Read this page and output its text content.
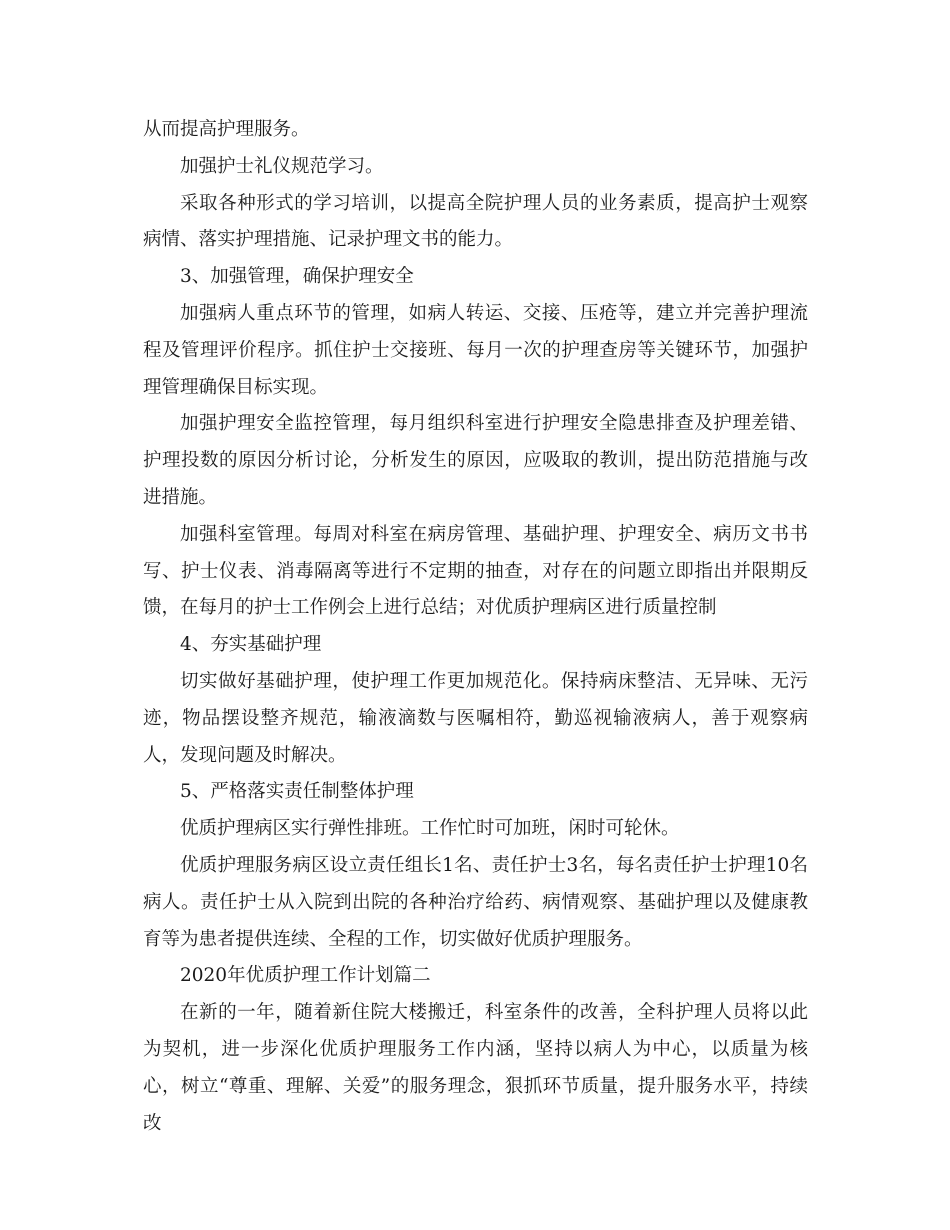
从而提高护理服务。

加强护士礼仪规范学习。

采取各种形式的学习培训，以提高全院护理人员的业务素质，提高护士观察病情、落实护理措施、记录护理文书的能力。

3、加强管理，确保护理安全

加强病人重点环节的管理，如病人转运、交接、压疮等，建立并完善护理流程及管理评价程序。抓住护士交接班、每月一次的护理查房等关键环节，加强护理管理确保目标实现。

加强护理安全监控管理，每月组织科室进行护理安全隐患排查及护理差错、护理投数的原因分析讨论，分析发生的原因，应吸取的教训，提出防范措施与改进措施。

加强科室管理。每周对科室在病房管理、基础护理、护理安全、病历文书书写、护士仪表、消毒隔离等进行不定期的抽查，对存在的问题立即指出并限期反馈，在每月的护士工作例会上进行总结；对优质护理病区进行质量控制

4、夯实基础护理

切实做好基础护理，使护理工作更加规范化。保持病床整洁、无异味、无污迹，物品摆设整齐规范，输液滴数与医嘱相符，勤巡视输液病人，善于观察病人，发现问题及时解决。

5、严格落实责任制整体护理

优质护理病区实行弹性排班。工作忙时可加班，闲时可轮休。

优质护理服务病区设立责任组长1名、责任护士3名，每名责任护士护理10名病人。责任护士从入院到出院的各种治疗给药、病情观察、基础护理以及健康教育等为患者提供连续、全程的工作，切实做好优质护理服务。

2020年优质护理工作计划篇二

在新的一年，随着新住院大楼搬迁，科室条件的改善，全科护理人员将以此为契机，进一步深化优质护理服务工作内涵，坚持以病人为中心，以质量为核心，树立“尊重、理解、关爱”的服务理念，狠抓环节质量，提升服务水平，持续改
